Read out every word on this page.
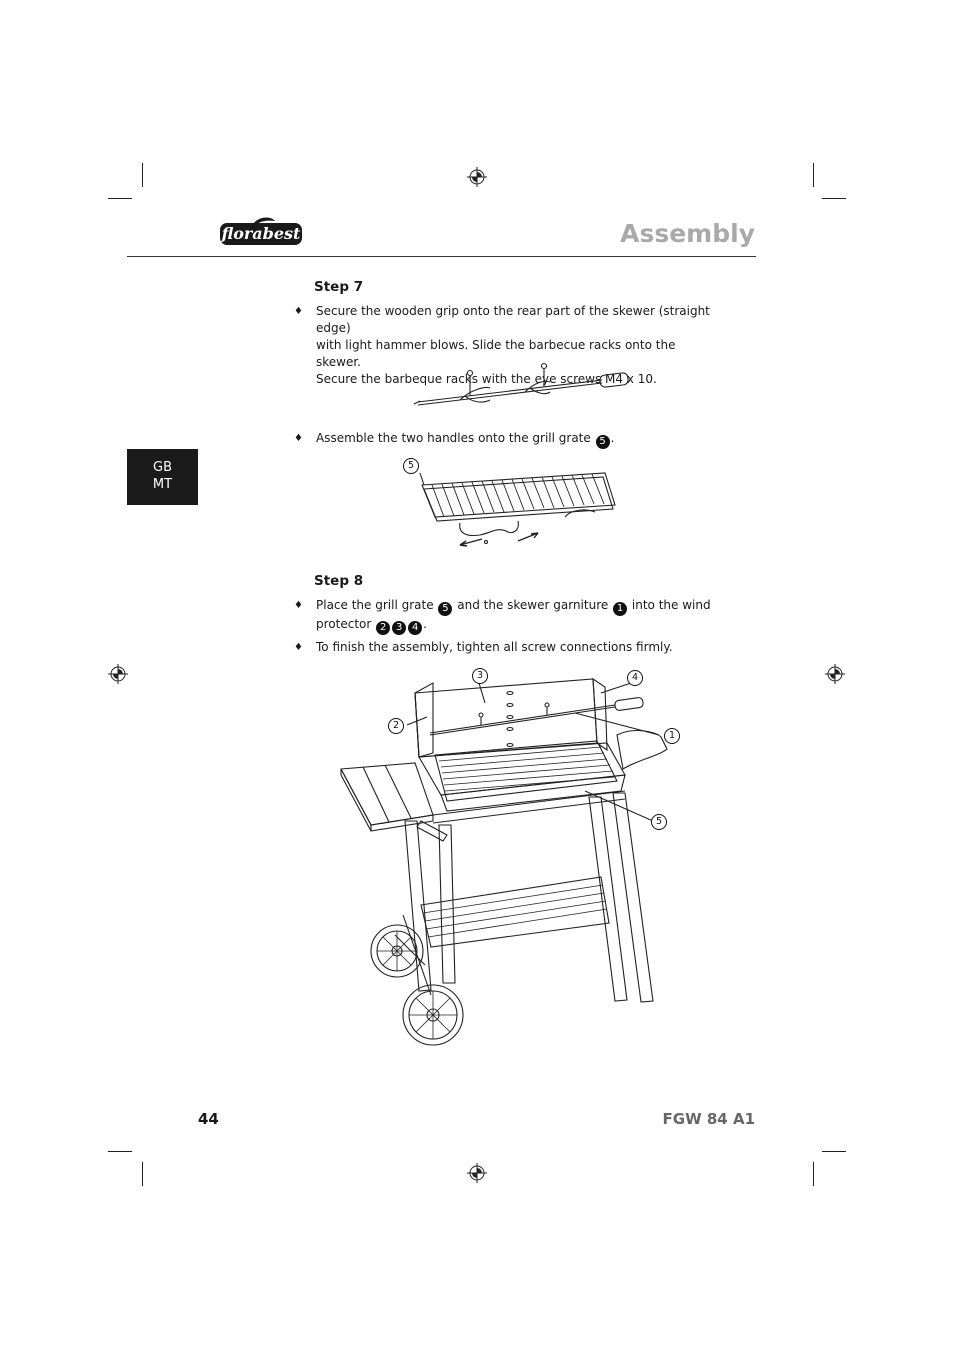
florabest	Assembly
GB
MT
Step 7
♦ Secure the wooden grip onto the rear part of the skewer (straight edge)
with light hammer blows. Slide the barbecue racks onto the skewer.
Secure the barbeque racks with the eye screws M4 x 10.
♦ Assemble the two handles onto the grill grate 5 .
5
Step 8
♦ Place the grill grate 5 and the skewer garniture 1 into the wind
protector 2 3 4 .
♦ To finish the assembly, tighten all screw connections firmly.
3	4
2
1
5
44	FGW 84 A1
